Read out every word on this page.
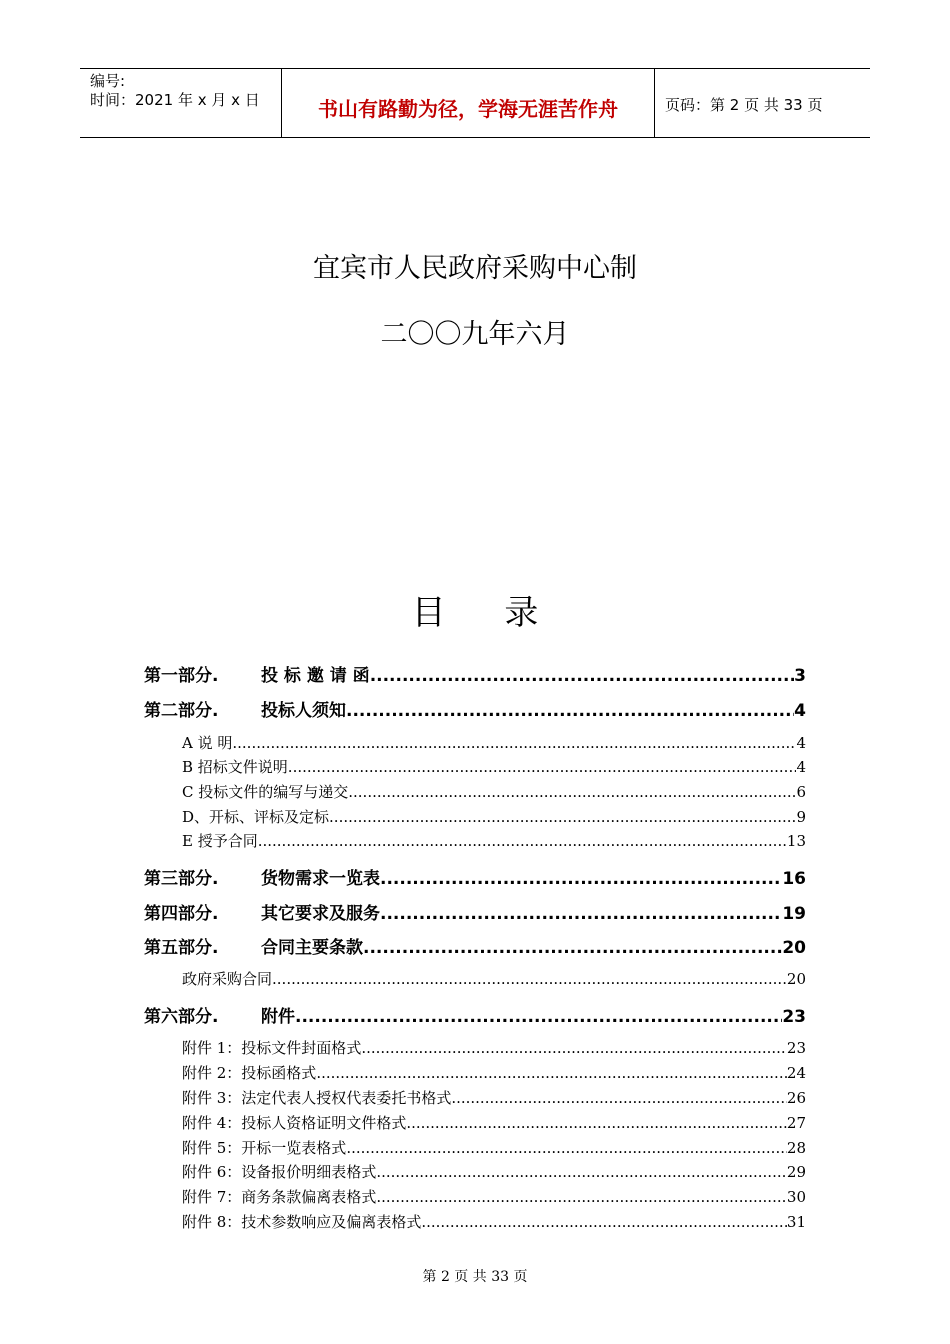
编号:
时间：2021 年 x 月 x 日	书山有路勤为径，学海无涯苦作舟	页码：第 2 页 共 33 页
宜宾市人民政府采购中心制
二〇〇九年六月
目 录
第一部分.	投 标 邀 请 函 .....	3
第二部分.	投标人须知 .....	4
A 说 明 .....	4
B 招标文件说明 .....	4
C 投标文件的编写与递交 .....	6
D、开标、评标及定标 .....	9
E 授予合同 .....	13
第三部分.	货物需求一览表 .....	16
第四部分.	其它要求及服务 .....	19
第五部分.	合同主要条款 .....	20
政府采购合同 .....	20
第六部分.	附件 .....	23
附件 1：投标文件封面格式 .....	23
附件 2：投标函格式 .....	24
附件 3：法定代表人授权代表委托书格式 .....	26
附件 4：投标人资格证明文件格式 .....	27
附件 5：开标一览表格式 .....	28
附件 6：设备报价明细表格式 .....	29
附件 7：商务条款偏离表格式 .....	30
附件 8：技术参数响应及偏离表格式 .....	31
第 2 页 共 33 页
